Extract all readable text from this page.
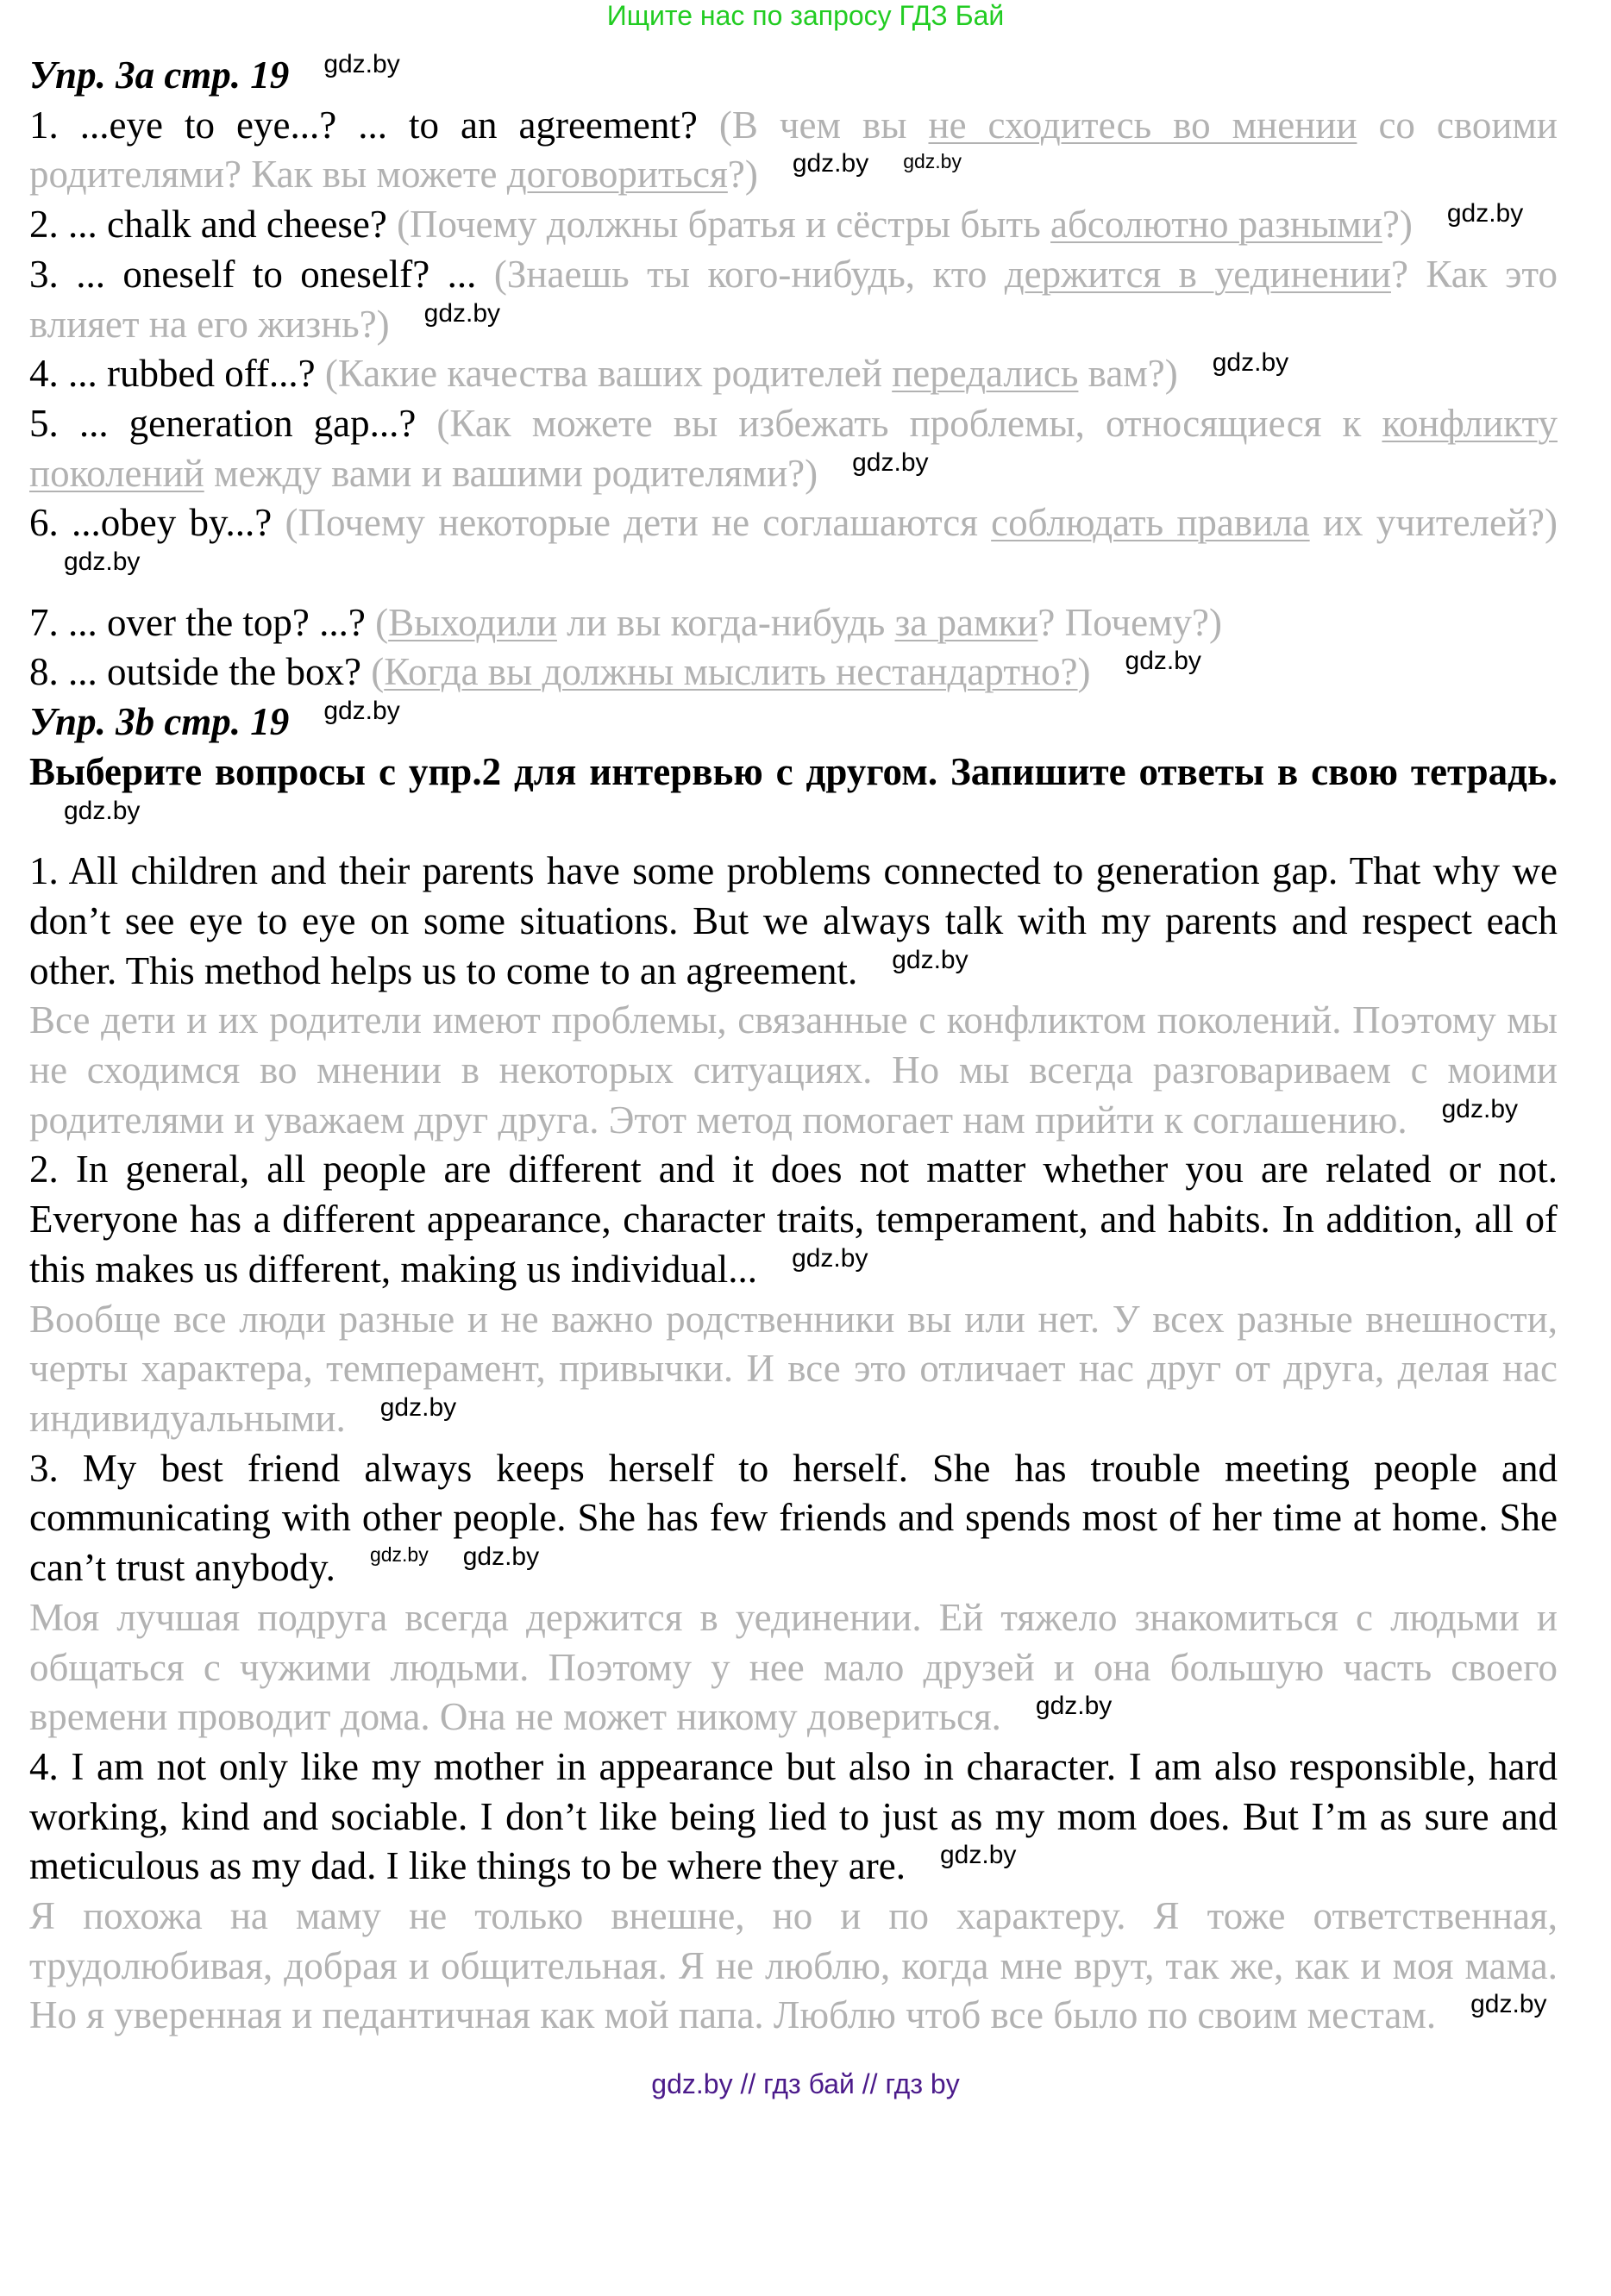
Ищите нас по запросу ГДЗ Бай

Упр. 3a стр. 19 gdz.by

1. ...eye to eye...? ... to an agreement? (В чем вы не сходитесь во мнении со своими родителями? Как вы можете договориться?) gdz.by gdz.by

2. ... chalk and cheese? (Почему должны братья и сёстры быть абсолютно разными?) gdz.by

3. ... oneself to oneself? ... (Знаешь ты кого-нибудь, кто держится в уединении? Как это влияет на его жизнь?) gdz.by

4. ... rubbed off...? (Какие качества ваших родителей передались вам?) gdz.by

5. ... generation gap...? (Как можете вы избежать проблемы, относящиеся к конфликту поколений между вами и вашими родителями?) gdz.by

6. ...obey by...? (Почему некоторые дети не соглашаются соблюдать правила их учителей?)gdz.by

7. ... over the top? ...? (Выходили ли вы когда-нибудь за рамки? Почему?)

8. ... outside the box? (Когда вы должны мыслить нестандартно?) gdz.by

Упр. 3b стр. 19 gdz.by

Выберите вопросы с упр.2 для интервью с другом. Запишите ответы в свою тетрадь.gdz.by

1. All children and their parents have some problems connected to generation gap. That why we don’t see eye to eye on some situations. But we always talk with my parents and respect each other. This method helps us to come to an agreement. gdz.by

Все дети и их родители имеют проблемы, связанные с конфликтом поколений. Поэтому мы не сходимся во мнении в некоторых ситуациях. Но мы всегда разговариваем с моими родителями и уважаем друг друга. Этот метод помогает нам прийти к соглашению. gdz.by

2. In general, all people are different and it does not matter whether you are related or not. Everyone has a different appearance, character traits, temperament, and habits. In addition, all of this makes us different, making us individual... gdz.by

Вообще все люди разные и не важно родственники вы или нет. У всех разные внешности, черты характера, темперамент, привычки. И все это отличает нас друг от друга, делая нас индивидуальными. gdz.by

3. My best friend always keeps herself to herself. She has trouble meeting people and communicating with other people. She has few friends and spends most of her time at home. She can’t trust anybody. gdz.by gdz.by

Моя лучшая подруга всегда держится в уединении. Ей тяжело знакомиться с людьми и общаться с чужими людьми. Поэтому у нее мало друзей и она большую часть своего времени проводит дома. Она не может никому довериться. gdz.by

4. I am not only like my mother in appearance but also in character. I am also responsible, hard working, kind and sociable. I don’t like being lied to just as my mom does. But I’m as sure and meticulous as my dad. I like things to be where they are. gdz.by

Я похожа на маму не только внешне, но и по характеру. Я тоже ответственная, трудолюбивая, добрая и общительная. Я не люблю, когда мне врут, так же, как и моя мама. Но я уверенная и педантичная как мой папа. Люблю чтоб все было по своим местам. gdz.by

gdz.by // гдз бай // гдз by
